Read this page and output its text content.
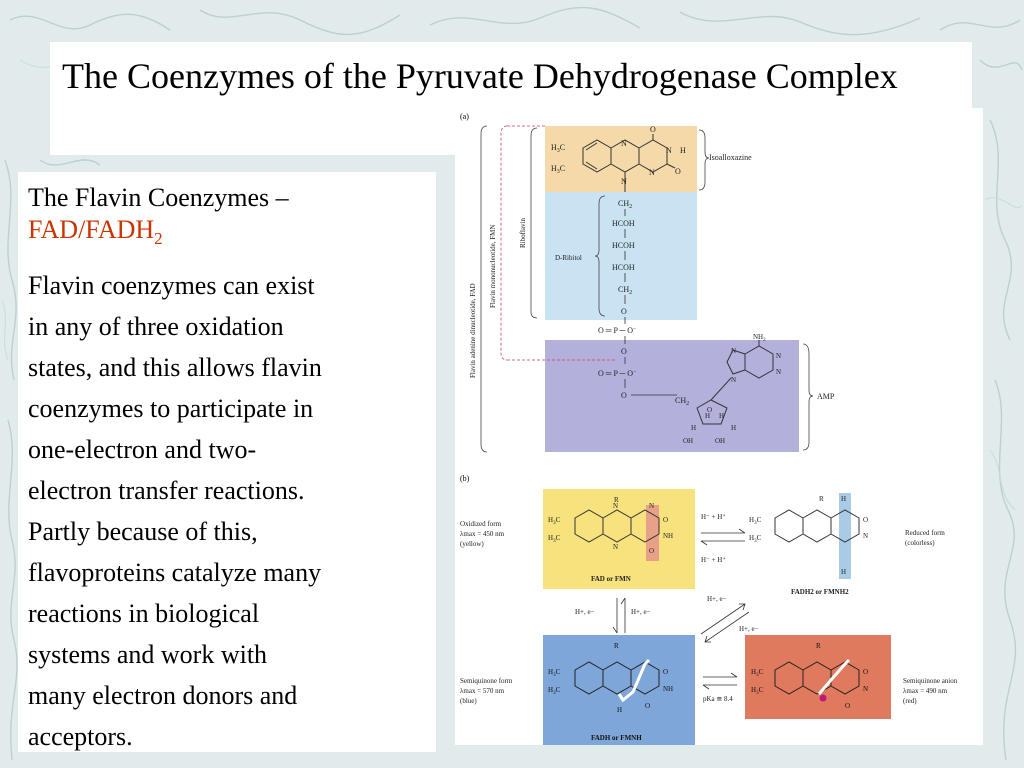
The Coenzymes of the Pyruvate Dehydrogenase Complex
The Flavin Coenzymes –
FAD/$FADH_2$
Flavin coenzymes can exist
in any of three oxidation
states, and this allows flavin
coenzymes to participate in
one-electron and two-
electron transfer reactions.
Partly because of this,
flavoproteins catalyze many
reactions in biological
systems and work with
many electron donors and
acceptors.
(a)
$H_3C$
$H_3C$
N
O
N H
O
N
N
Isoalloxazine
$CH_2$
HCOH
HCOH
HCOH
$CH_2$
O
D-Ribitol
O ═ P ─ O−
O
O ═ P ─ O−
O
$CH_2$
$NH_2$
N
N
N
N
O
H
H H
H
OH	OH
AMP
Flavin adenine dinucleotide, FAD
Flavin mononucleotide, FMN	Riboflavin
(b)
$H_3C$
$H_3C$
R
N	N
O
NH
O
N
FAD or FMN
$H_3C$
$H_3C$
R H
O
N
H
FADH2 or FMNH2
H⁻ + H⁺
H⁻ + H⁺
Oxidized form
λmax = 450 nm
(yellow)
Reduced form
(colorless)
H+, e−	H+, e−
H+, e−
H+, e−
$H_3C$
$H_3C$
R
O
NH
O
H
FADH or FMNH
Semiquinone form
λmax = 570 nm
(blue)	pKa ≅ 8.4
$H_3C$
$H_3C$
R
O
N
O
Semiquinone anion
λmax = 490 nm
(red)
